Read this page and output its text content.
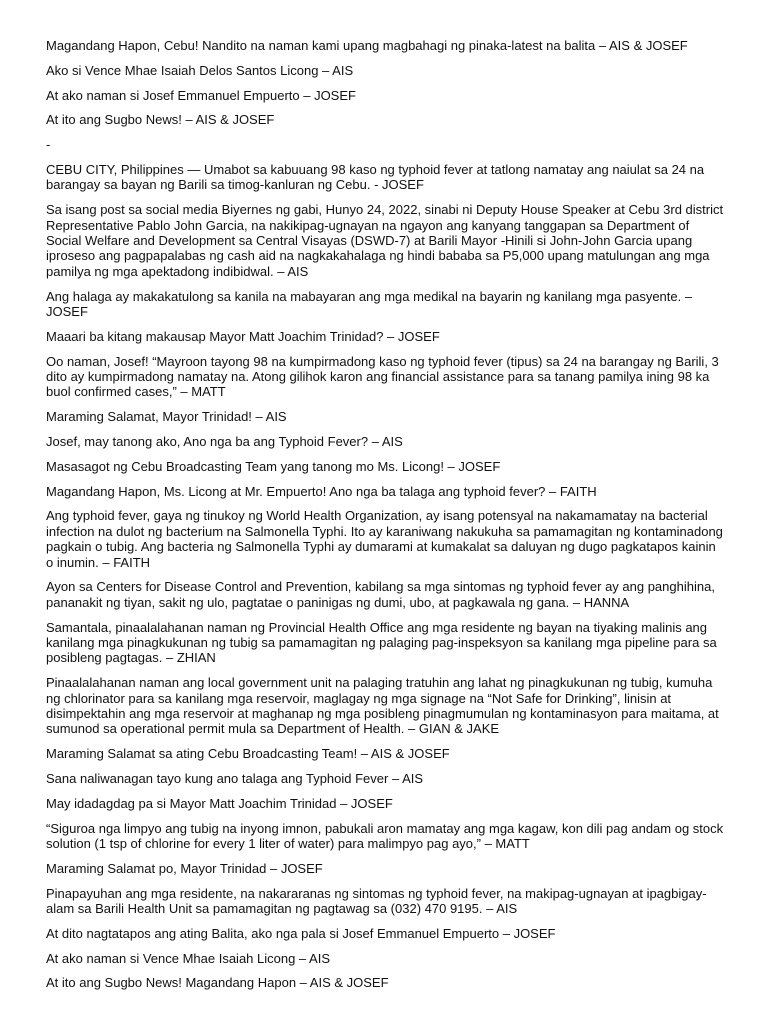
Magandang Hapon, Cebu! Nandito na naman kami upang magbahagi ng pinaka-latest na balita – AIS & JOSEF

Ako si Vence Mhae Isaiah Delos Santos Licong – AIS

At ako naman si Josef Emmanuel Empuerto – JOSEF

At ito ang Sugbo News! – AIS & JOSEF

-

CEBU CITY, Philippines — Umabot sa kabuuang 98 kaso ng typhoid fever at tatlong namatay ang naiulat sa 24 na barangay sa bayan ng Barili sa timog-kanluran ng Cebu. - JOSEF

Sa isang post sa social media Biyernes ng gabi, Hunyo 24, 2022, sinabi ni Deputy House Speaker at Cebu 3rd district Representative Pablo John Garcia, na nakikipag-ugnayan na ngayon ang kanyang tanggapan sa Department of Social Welfare and Development sa Central Visayas (DSWD-7) at Barili Mayor -Hinili si John-John Garcia upang iproseso ang pagpapalabas ng cash aid na nagkakahalaga ng hindi bababa sa P5,000 upang matulungan ang mga pamilya ng mga apektadong indibidwal. – AIS

Ang halaga ay makakatulong sa kanila na mabayaran ang mga medikal na bayarin ng kanilang mga pasyente. – JOSEF

Maaari ba kitang makausap Mayor Matt Joachim Trinidad? – JOSEF

Oo naman, Josef! “Mayroon tayong 98 na kumpirmadong kaso ng typhoid fever (tipus) sa 24 na barangay ng Barili, 3 dito ay kumpirmadong namatay na. Atong gilihok karon ang financial assistance para sa tanang pamilya ining 98 ka buol confirmed cases,” – MATT

Maraming Salamat, Mayor Trinidad! – AIS

Josef, may tanong ako, Ano nga ba ang Typhoid Fever? – AIS

Masasagot ng Cebu Broadcasting Team yang tanong mo Ms. Licong! – JOSEF

Magandang Hapon, Ms. Licong at Mr. Empuerto! Ano nga ba talaga ang typhoid fever? – FAITH

Ang typhoid fever, gaya ng tinukoy ng World Health Organization, ay isang potensyal na nakamamatay na bacterial infection na dulot ng bacterium na Salmonella Typhi. Ito ay karaniwang nakukuha sa pamamagitan ng kontaminadong pagkain o tubig. Ang bacteria ng Salmonella Typhi ay dumarami at kumakalat sa daluyan ng dugo pagkatapos kainin o inumin. – FAITH

Ayon sa Centers for Disease Control and Prevention, kabilang sa mga sintomas ng typhoid fever ay ang panghihina, pananakit ng tiyan, sakit ng ulo, pagtatae o paninigas ng dumi, ubo, at pagkawala ng gana. – HANNA

Samantala, pinaalalahanan naman ng Provincial Health Office ang mga residente ng bayan na tiyaking malinis ang kanilang mga pinagkukunan ng tubig sa pamamagitan ng palaging pag-inspeksyon sa kanilang mga pipeline para sa posibleng pagtagas. – ZHIAN

Pinaalalahanan naman ang local government unit na palaging tratuhin ang lahat ng pinagkukunan ng tubig, kumuha ng chlorinator para sa kanilang mga reservoir, maglagay ng mga signage na “Not Safe for Drinking”, linisin at disimpektahin ang mga reservoir at maghanap ng mga posibleng pinagmumulan ng kontaminasyon para maitama, at sumunod sa operational permit mula sa Department of Health. – GIAN & JAKE

Maraming Salamat sa ating Cebu Broadcasting Team! – AIS & JOSEF

Sana naliwanagan tayo kung ano talaga ang Typhoid Fever – AIS

May idadagdag pa si Mayor Matt Joachim Trinidad – JOSEF

“Siguroa nga limpyo ang tubig na inyong imnon, pabukali aron mamatay ang mga kagaw, kon dili pag andam og stock solution (1 tsp of chlorine for every 1 liter of water) para malimpyo pag ayo,” – MATT

Maraming Salamat po, Mayor Trinidad – JOSEF

Pinapayuhan ang mga residente, na nakararanas ng sintomas ng typhoid fever, na makipag-ugnayan at ipagbigay-alam sa Barili Health Unit sa pamamagitan ng pagtawag sa (032) 470 9195. – AIS

At dito nagtatapos ang ating Balita, ako nga pala si Josef Emmanuel Empuerto – JOSEF

At ako naman si Vence Mhae Isaiah Licong – AIS

At ito ang Sugbo News! Magandang Hapon – AIS & JOSEF
